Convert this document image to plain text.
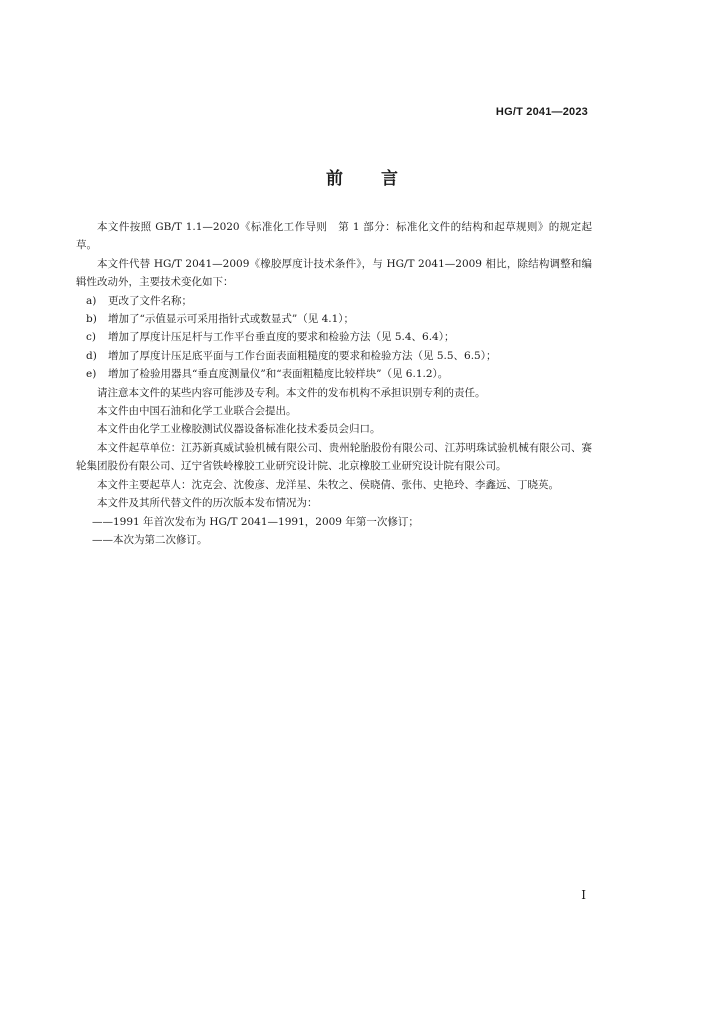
HG/T 2041—2023
前言

本文件按照 GB/T 1.1—2020《标准化工作导则　第 1 部分：标准化文件的结构和起草规则》的规定起草。

本文件代替 HG/T 2041—2009《橡胶厚度计技术条件》，与 HG/T 2041—2009 相比，除结构调整和编辑性改动外，主要技术变化如下：

a) 更改了文件名称；

b) 增加了“示值显示可采用指针式或数显式”（见 4.1）；

c) 增加了厚度计压足杆与工作平台垂直度的要求和检验方法（见 5.4、6.4）；

d) 增加了厚度计压足底平面与工作台面表面粗糙度的要求和检验方法（见 5.5、6.5）；

e) 增加了检验用器具“垂直度测量仪”和“表面粗糙度比较样块”（见 6.1.2）。

请注意本文件的某些内容可能涉及专利。本文件的发布机构不承担识别专利的责任。

本文件由中国石油和化学工业联合会提出。

本文件由化学工业橡胶测试仪器设备标准化技术委员会归口。

本文件起草单位：江苏新真威试验机械有限公司、贵州轮胎股份有限公司、江苏明珠试验机械有限公司、赛轮集团股份有限公司、辽宁省铁岭橡胶工业研究设计院、北京橡胶工业研究设计院有限公司。

本文件主要起草人：沈克会、沈俊彦、龙洋星、朱牧之、侯晓倩、张伟、史艳玲、李鑫远、丁晓英。

本文件及其所代替文件的历次版本发布情况为：

——1991 年首次发布为 HG/T 2041—1991，2009 年第一次修订；

——本次为第二次修订。

I
